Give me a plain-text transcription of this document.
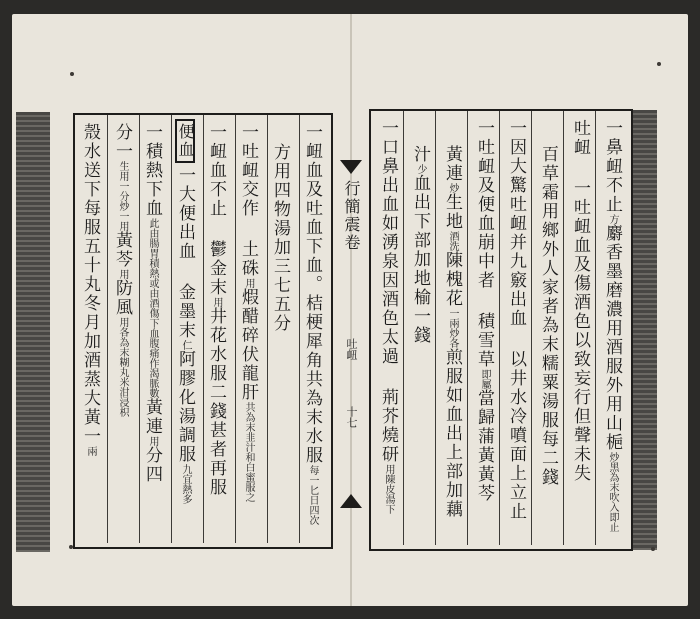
一鼻衄不止方麝香墨磨濃用酒服外用山梔炒黑為末吹入即止
吐衄 一吐衄血及傷酒色以致妄行但聲未失
百草霜用鄉外人家者為末糯粟湯服每二錢
一因大驚吐衄并九竅出血 以井水冷噴面上立止
一吐衄及便血崩中者 積雪草即屬當歸蒲黃黃芩
黃連炒生地酒洗陳槐花一兩炒各煎服如血出上部加藕
汁少血出下部加地榆一錢
一口鼻出血如湧泉因酒色太過 荊芥燒研用陳皮湯下
行簡震卷
吐衄
十七
一衄血及吐血下血。桔梗犀角共為末水服每一匕日四次
方用四物湯加三七五分
一吐衄交作 土硃用煆醋碎伏龍肝共為末韭汁和白蜜服之
一衄血不止 鬱金末用井花水服二錢甚者再服
便血一大便出血 金墨末仁阿膠化湯調服九宜熱多
一積熱下血此由腸胃積熱或由酒傷下血腹痛作渴脈數黃連用分四
分一生用一分炒一用黃芩用防風用各為末糊丸米泔浸枳
殼水送下每服五十丸冬月加酒蒸大黃一兩
